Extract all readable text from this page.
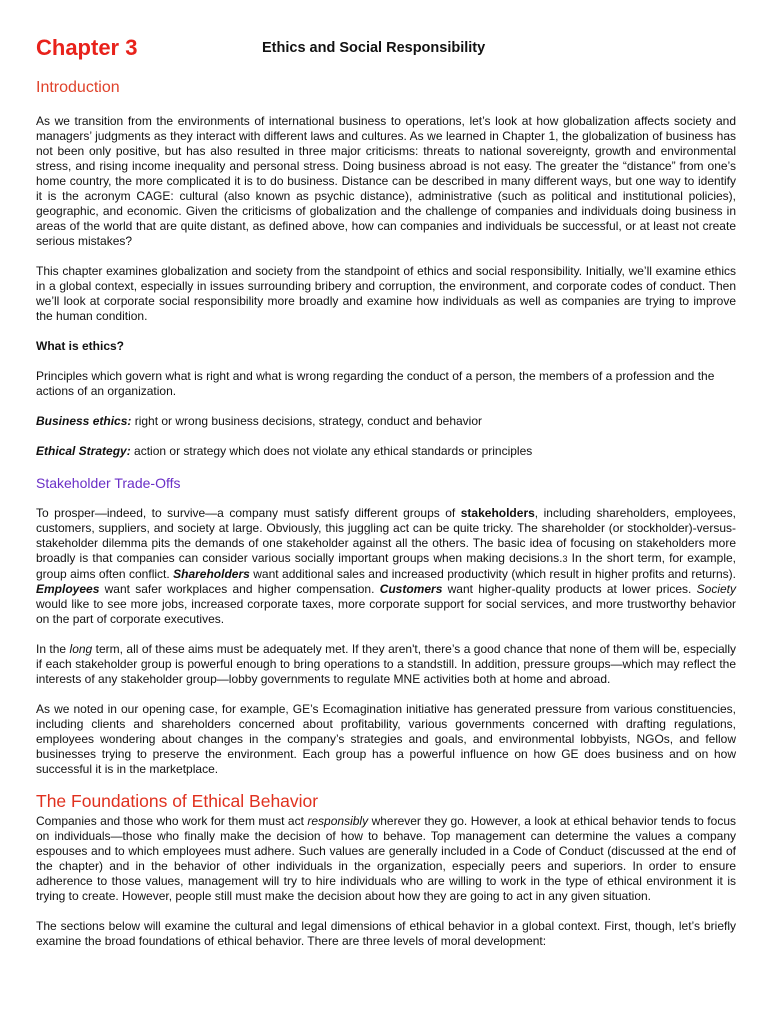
Chapter 3	Ethics and Social Responsibility
Introduction

As we transition from the environments of international business to operations, let’s look at how globalization affects society and managers’ judgments as they interact with different laws and cultures. As we learned in Chapter 1, the globalization of business has not been only positive, but has also resulted in three major criticisms: threats to national sovereignty, growth and environmental stress, and rising income inequality and personal stress. Doing business abroad is not easy. The greater the “distance” from one’s home country, the more complicated it is to do business. Distance can be described in many different ways, but one way to identify it is the acronym CAGE: cultural (also known as psychic distance), administrative (such as political and institutional policies), geographic, and economic. Given the criticisms of globalization and the challenge of companies and individuals doing business in areas of the world that are quite distant, as defined above, how can companies and individuals be successful, or at least not create serious mistakes?

This chapter examines globalization and society from the standpoint of ethics and social responsibility. Initially, we’ll examine ethics in a global context, especially in issues surrounding bribery and corruption, the environment, and corporate codes of conduct. Then we’ll look at corporate social responsibility more broadly and examine how individuals as well as companies are trying to improve the human condition.

What is ethics?

Principles which govern what is right and what is wrong regarding the conduct of a person, the members of a profession and the actions of an organization.

Business ethics: right or wrong business decisions, strategy, conduct and behavior

Ethical Strategy: action or strategy which does not violate any ethical standards or principles

Stakeholder Trade-Offs

To prosper—indeed, to survive—a company must satisfy different groups of stakeholders, including shareholders, employees, customers, suppliers, and society at large. Obviously, this juggling act can be quite tricky. The shareholder (or stockholder)-versus-stakeholder dilemma pits the demands of one stakeholder against all the others. The basic idea of focusing on stakeholders more broadly is that companies can consider various socially important groups when making decisions.3 In the short term, for example, group aims often conflict. Shareholders want additional sales and increased productivity (which result in higher profits and returns). Employees want safer workplaces and higher compensation. Customers want higher-quality products at lower prices. Society would like to see more jobs, increased corporate taxes, more corporate support for social services, and more trustworthy behavior on the part of corporate executives.

In the long term, all of these aims must be adequately met. If they aren't, there’s a good chance that none of them will be, especially if each stakeholder group is powerful enough to bring operations to a standstill. In addition, pressure groups—which may reflect the interests of any stakeholder group—lobby governments to regulate MNE activities both at home and abroad.

As we noted in our opening case, for example, GE’s Ecomagination initiative has generated pressure from various constituencies, including clients and shareholders concerned about profitability, various governments concerned with drafting regulations, employees wondering about changes in the company’s strategies and goals, and environmental lobbyists, NGOs, and fellow businesses trying to preserve the environment. Each group has a powerful influence on how GE does business and on how successful it is in the marketplace.

The Foundations of Ethical Behavior

Companies and those who work for them must act responsibly wherever they go. However, a look at ethical behavior tends to focus on individuals—those who finally make the decision of how to behave. Top management can determine the values a company espouses and to which employees must adhere. Such values are generally included in a Code of Conduct (discussed at the end of the chapter) and in the behavior of other individuals in the organization, especially peers and superiors. In order to ensure adherence to those values, management will try to hire individuals who are willing to work in the type of ethical environment it is trying to create. However, people still must make the decision about how they are going to act in any given situation.

The sections below will examine the cultural and legal dimensions of ethical behavior in a global context. First, though, let’s briefly examine the broad foundations of ethical behavior. There are three levels of moral development:
